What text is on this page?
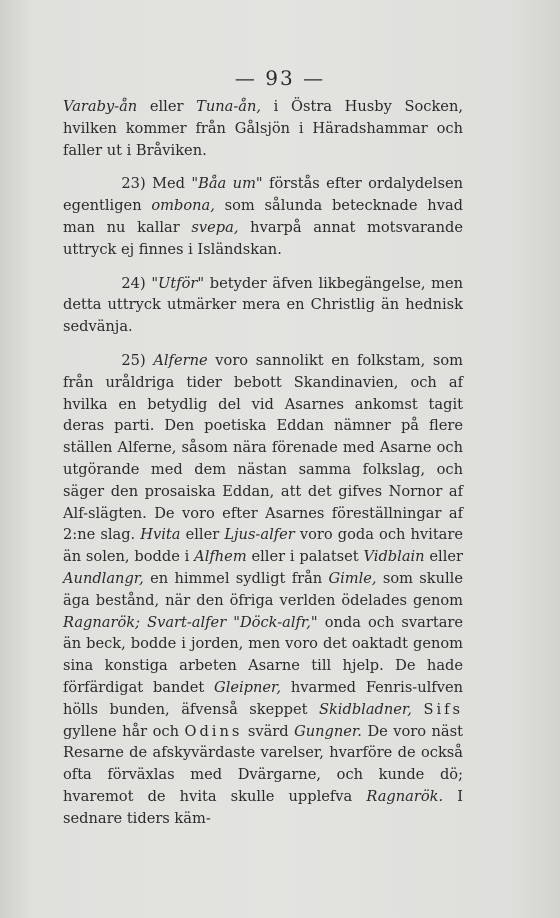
— 93 —

Varaby-ån eller Tuna-ån, i Östra Husby Socken, hvilken kommer från Gålsjön i Häradshammar och faller ut i Bråviken.

23) Med "Båa um" förstås efter ordalydelsen egentligen ombona, som sålunda betecknade hvad man nu kallar svepa, hvarpå annat motsvarande uttryck ej finnes i Isländskan.

24) "Utför" betyder äfven likbegängelse, men detta uttryck utmärker mera en Christlig än hednisk sedvänja.

25) Alferne voro sannolikt en folkstam, som från uråldriga tider bebott Skandinavien, och af hvilka en betydlig del vid Asarnes ankomst tagit deras parti. Den poetiska Eddan nämner på flere ställen Alferne, såsom nära förenade med Asarne och utgörande med dem nästan samma folkslag, och säger den prosaiska Eddan, att det gifves Nornor af Alf-slägten. De voro efter Asarnes föreställningar af 2:ne slag. Hvita eller Ljus-alfer voro goda och hvitare än solen, bodde i Alfhem eller i palatset Vidblain eller Aundlangr, en himmel sydligt från Gimle, som skulle äga bestånd, när den öfriga verlden ödelades genom Ragnarök; Svart-alfer "Döck-alfr," onda och svartare än beck, bodde i jorden, men voro det oaktadt genom sina konstiga arbeten Asarne till hjelp. De hade förfärdigat bandet Gleipner, hvarmed Fenris-ulfven hölls bunden, äfvenså skeppet Skidbladner, Sifs gyllene hår och Odins svärd Gungner. De voro näst Resarne de afskyvärdaste varelser, hvarföre de också ofta förväxlas med Dvärgarne, och kunde dö; hvaremot de hvita skulle upplefva Ragnarök. I sednare tiders käm-
